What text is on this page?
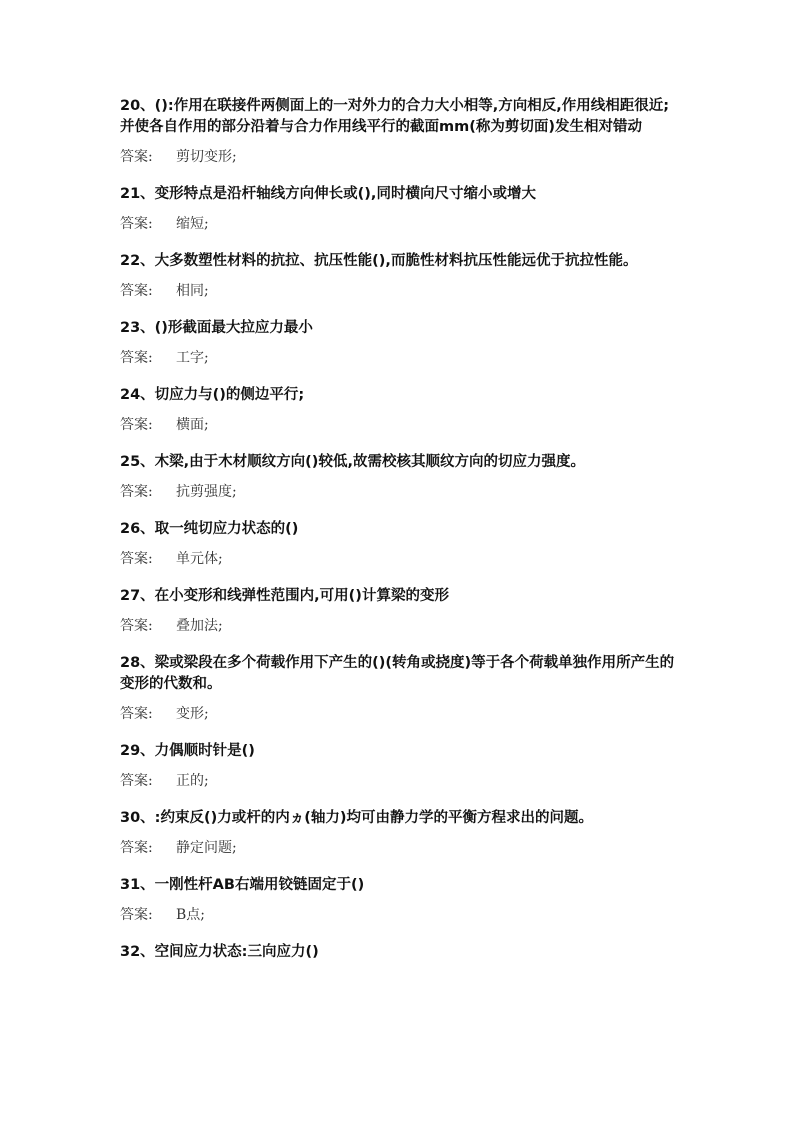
20、():作用在联接件两侧面上的一对外力的合力大小相等,方向相反,作用线相距很近;并使各自作用的部分沿着与合力作用线平行的截面mm(称为剪切面)发生相对错动

答案: 剪切变形;

21、变形特点是沿杆轴线方向伸长或(),同时横向尺寸缩小或增大

答案: 缩短;

22、大多数塑性材料的抗拉、抗压性能(),而脆性材料抗压性能远优于抗拉性能。

答案: 相同;

23、()形截面最大拉应力最小

答案: 工字;

24、切应力与()的侧边平行;

答案: 横面;

25、木梁,由于木材顺纹方向()较低,故需校核其顺纹方向的切应力强度。

答案: 抗剪强度;

26、取一纯切应力状态的()

答案: 单元体;

27、在小变形和线弹性范围内,可用()计算梁的变形

答案: 叠加法;

28、梁或梁段在多个荷载作用下产生的()(转角或挠度)等于各个荷载单独作用所产生的变形的代数和。

答案: 变形;

29、力偶顺时针是()

答案: 正的;

30、:约束反()力或杆的内ヵ(轴力)均可由静力学的平衡方程求出的问题。

答案: 静定问题;

31、一刚性杆AB右端用铰链固定于()

答案: B点;

32、空间应力状态:三向应力()
